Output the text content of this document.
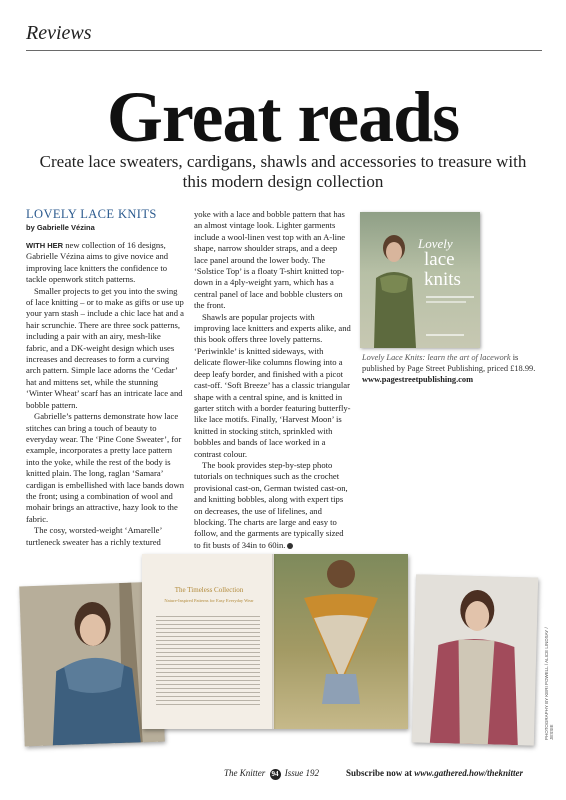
Reviews
Great reads
Create lace sweaters, cardigans, shawls and accessories to treasure with this modern design collection
LOVELY LACE KNITS
by Gabrielle Vézina

WITH HER new collection of 16 designs, Gabrielle Vézina aims to give novice and improving lace knitters the confidence to tackle openwork stitch patterns.

Smaller projects to get you into the swing of lace knitting – or to make as gifts or use up your yarn stash – include a chic lace hat and a hair scrunchie. There are three sock patterns, including a pair with an airy, mesh-like fabric, and a DK-weight design which uses increases and decreases to form a curving arch pattern. Simple lace adorns the ‘Cedar’ hat and mittens set, while the stunning ‘Winter Wheat’ scarf has an intricate lace and bobble pattern.

Gabrielle’s patterns demonstrate how lace stitches can bring a touch of beauty to everyday wear. The ‘Pine Cone Sweater’, for example, incorporates a pretty lace pattern into the yoke, while the rest of the body is knitted plain. The long, raglan ‘Samara’ cardigan is embellished with lace bands down the front; using a combination of wool and mohair brings an attractive, hazy look to the fabric.

The cosy, worsted-weight ‘Amarelle’ turtleneck sweater has a richly textured

yoke with a lace and bobble pattern that has an almost vintage look. Lighter garments include a wool-linen vest top with an A-line shape, narrow shoulder straps, and a deep lace panel around the lower body. The ‘Solstice Top’ is a floaty T-shirt knitted top-down in a 4ply-weight yarn, which has a central panel of lace and bobble clusters on the front.

Shawls are popular projects with improving lace knitters and experts alike, and this book offers three lovely patterns. ‘Periwinkle’ is knitted sideways, with delicate flower-like columns flowing into a deep leafy border, and finished with a picot cast-off. ‘Soft Breeze’ has a classic triangular shape with a central spine, and is knitted in garter stitch with a border featuring butterfly-like lace motifs. Finally, ‘Harvest Moon’ is knitted in stocking stitch, sprinkled with bobbles and bands of lace worked in a contrast colour.

The book provides step-by-step photo tutorials on techniques such as the crochet provisional cast-on, German twisted cast-on, and knitting bobbles, along with expert tips on decreases, the use of lifelines, and blocking. The charts are large and easy to follow, and the garments are typically sized to fit busts of 34in to 60in.

Lovely
lace
knits
Lovely Lace Knits: learn the art of lacework is published by Page Street Publishing, priced £18.99.
www.pagestreetpublishing.com
The Timeless Collection
Nature-Inspired Patterns for Easy Everyday Wear
PHOTOGRAPHY BY KERI POWELL / ALICE LINDSAY / JESSIE
The Knitter 94 Issue 192	Subscribe now at www.gathered.how/theknitter
